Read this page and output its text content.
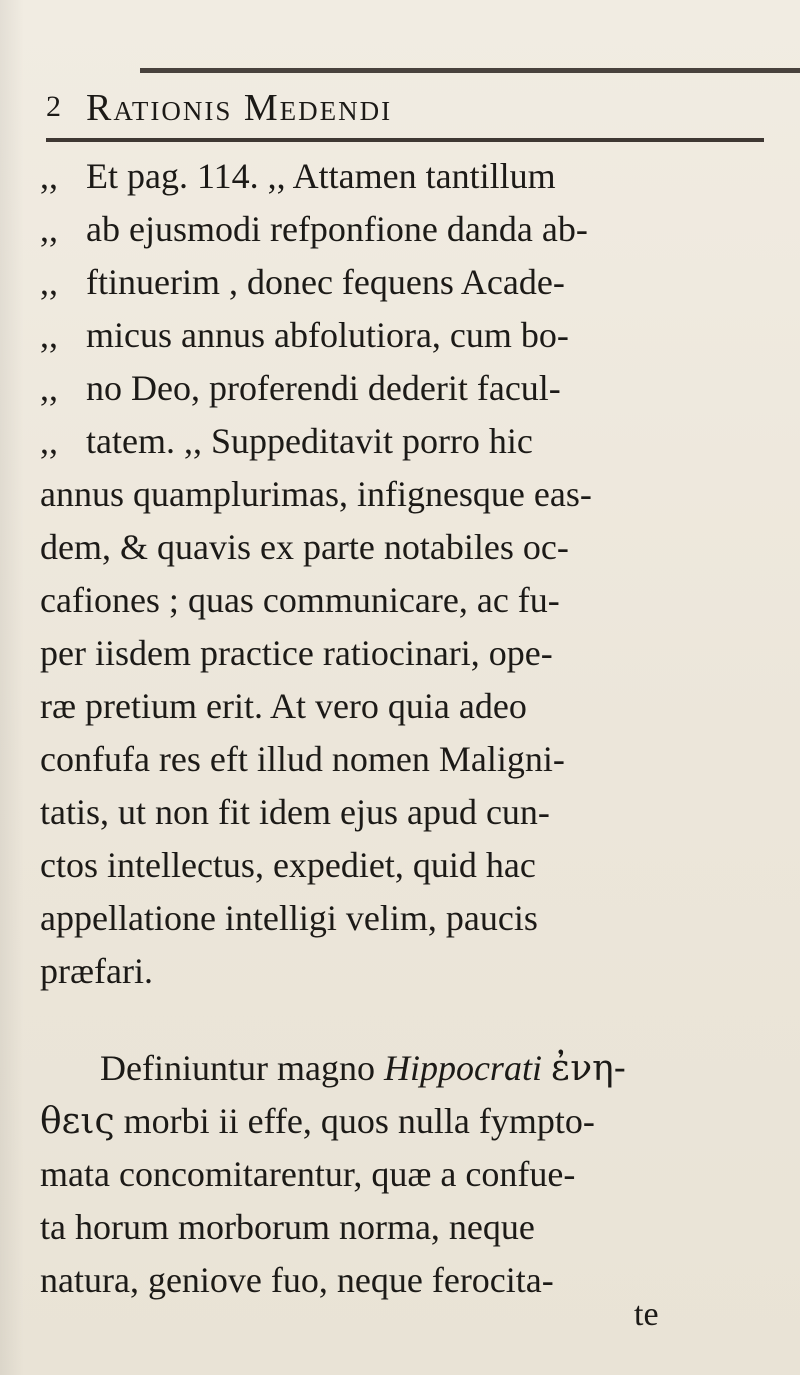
2 Rationis Medendi
,, Et pag. 114. ,, Attamen tantillum
,, ab ejusmodi refponfione danda ab-
,, ftinuerim , donec fequens Acade-
,, micus annus abfolutiora, cum bo-
,, no Deo, proferendi dederit facul-
,, tatem. ,, Suppeditavit porro hic
annus quamplurimas, infignesque eas-
dem, & quavis ex parte notabiles oc-
cafiones ; quas communicare, ac fu-
per iisdem practice ratiocinari, ope-
ræ pretium erit. At vero quia adeo
confufa res eft illud nomen Maligni-
tatis, ut non fit idem ejus apud cun-
ctos intellectus, expediet, quid hac
appellatione intelligi velim, paucis
præfari.
Definiuntur magno Hippocrati ἐνη-
θεις morbi ii effe, quos nulla fympto-
mata concomitarentur, quæ a confue-
ta horum morborum norma, neque
natura, geniove fuo, neque ferocita-
te
